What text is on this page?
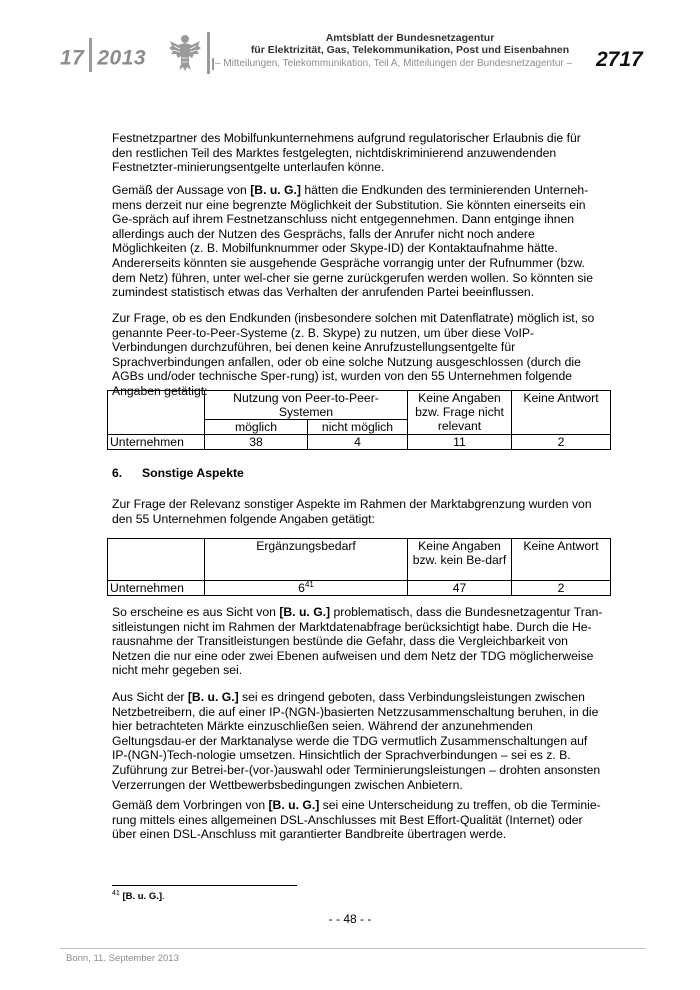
17 2013
Amtsblatt der Bundesnetzagentur
für Elektrizität, Gas, Telekommunikation, Post und Eisenbahnen
– Mitteilungen, Telekommunikation, Teil A, Mitteilungen der Bundesnetzagentur – 2717
Festnetzpartner des Mobilfunkunternehmens aufgrund regulatorischer Erlaubnis die für den restlichen Teil des Marktes festgelegten, nichtdiskriminierend anzuwendenden Festnetzter-minierungsentgelte unterlaufen könne.
Gemäß der Aussage von [B. u. G.] hätten die Endkunden des terminierenden Unterneh-mens derzeit nur eine begrenzte Möglichkeit der Substitution. Sie könnten einerseits ein Ge-spräch auf ihrem Festnetzanschluss nicht entgegennehmen. Dann entginge ihnen allerdings auch der Nutzen des Gesprächs, falls der Anrufer nicht noch andere Möglichkeiten (z. B. Mobilfunknummer oder Skype-ID) der Kontaktaufnahme hätte. Andererseits könnten sie ausgehende Gespräche vorrangig unter der Rufnummer (bzw. dem Netz) führen, unter wel-cher sie gerne zurückgerufen werden wollen. So könnten sie zumindest statistisch etwas das Verhalten der anrufenden Partei beeinflussen.
Zur Frage, ob es den Endkunden (insbesondere solchen mit Datenflatrate) möglich ist, so genannte Peer-to-Peer-Systeme (z. B. Skype) zu nutzen, um über diese VoIP-Verbindungen durchzuführen, bei denen keine Anrufzustellungsentgelte für Sprachverbindungen anfallen, oder ob eine solche Nutzung ausgeschlossen (durch die AGBs und/oder technische Sper-rung) ist, wurden von den 55 Unternehmen folgende Angaben getätigt:
	Nutzung von Peer-to-Peer-Systemen		Keine Angaben bzw. Frage nicht relevant	Keine Antwort
	möglich	nicht möglich		
Unternehmen	38	4	11	2
6. Sonstige Aspekte
Zur Frage der Relevanz sonstiger Aspekte im Rahmen der Marktabgrenzung wurden von den 55 Unternehmen folgende Angaben getätigt:
	Ergänzungsbedarf	Keine Angaben bzw. kein Be-darf	Keine Antwort
Unternehmen	$6^{41}$	47	2
So erscheine es aus Sicht von [B. u. G.] problematisch, dass die Bundesnetzagentur Tran-sitleistungen nicht im Rahmen der Marktdatenabfrage berücksichtigt habe. Durch die He-rausnahme der Transitleistungen bestünde die Gefahr, dass die Vergleichbarkeit von Netzen die nur eine oder zwei Ebenen aufweisen und dem Netz der TDG möglicherweise nicht mehr gegeben sei.
Aus Sicht der [B. u. G.] sei es dringend geboten, dass Verbindungsleistungen zwischen Netzbetreibern, die auf einer IP-(NGN-)basierten Netzzusammenschaltung beruhen, in die hier betrachteten Märkte einzuschließen seien. Während der anzunehmenden Geltungsdau-er der Marktanalyse werde die TDG vermutlich Zusammenschaltungen auf IP-(NGN-)Tech-nologie umsetzen. Hinsichtlich der Sprachverbindungen – sei es z. B. Zuführung zur Betrei-ber-(vor-)auswahl oder Terminierungsleistungen – drohten ansonsten Verzerrungen der Wettbewerbsbedingungen zwischen Anbietern.
Gemäß dem Vorbringen von [B. u. G.] sei eine Unterscheidung zu treffen, ob die Terminie-rung mittels eines allgemeinen DSL-Anschlusses mit Best Effort-Qualität (Internet) oder über einen DSL-Anschluss mit garantierter Bandbreite übertragen werde.
$^{41}$ [B. u. G.].
- - 48 - -
Bonn, 11. September 2013
